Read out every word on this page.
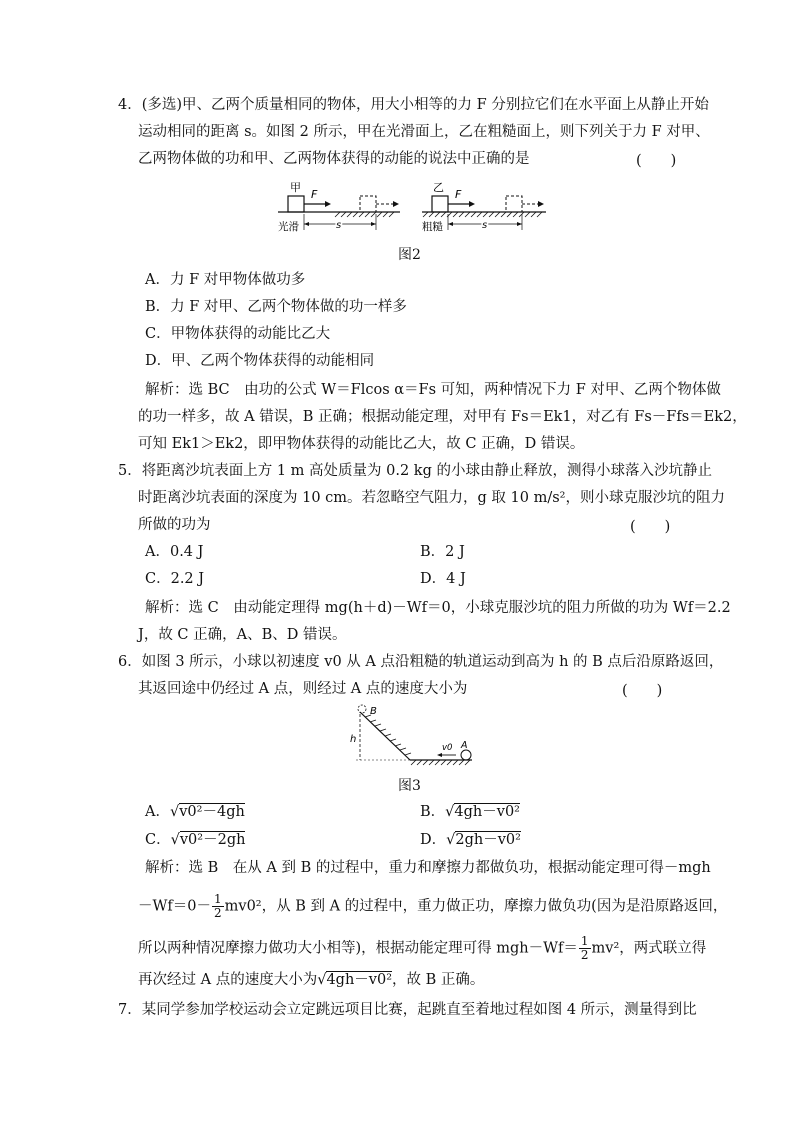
4．(多选)甲、乙两个质量相同的物体，用大小相等的力 F 分别拉它们在水平面上从静止开始
运动相同的距离 s。如图 2 所示，甲在光滑面上，乙在粗糙面上，则下列关于力 F 对甲、
乙两物体做的功和甲、乙两物体获得的动能的说法中正确的是	(　　)
甲
F
光滑	s
乙
F
粗糙	s
图2
A．力 F 对甲物体做功多
B．力 F 对甲、乙两个物体做的功一样多
C．甲物体获得的动能比乙大
D．甲、乙两个物体获得的动能相同
解析：选 BC　由功的公式 W＝Flcos α＝Fs 可知，两种情况下力 F 对甲、乙两个物体做
的功一样多，故 A 错误，B 正确；根据动能定理，对甲有 Fs＝Ek1，对乙有 Fs－Ffs＝Ek2，
可知 Ek1＞Ek2，即甲物体获得的动能比乙大，故 C 正确，D 错误。
5．将距离沙坑表面上方 1 m 高处质量为 0.2 kg 的小球由静止释放，测得小球落入沙坑静止
时距离沙坑表面的深度为 10 cm。若忽略空气阻力，g 取 10 m/s²，则小球克服沙坑的阻力
所做的功为	(　　)
A．0.4 J	B．2 J
C．2.2 J	D．4 J
解析：选 C　由动能定理得 mg(h＋d)－Wf＝0，小球克服沙坑的阻力所做的功为 Wf＝2.2
J，故 C 正确，A、B、D 错误。
6．如图 3 所示，小球以初速度 v0 从 A 点沿粗糙的轨道运动到高为 h 的 B 点后沿原路返回，
其返回途中仍经过 A 点，则经过 A 点的速度大小为	(　　)
h
B
A
v0
图3
A．√v0²－4gh	B．√4gh－v0²
C．√v0²－2gh	D．√2gh－v0²
解析：选 B　在从 A 到 B 的过程中，重力和摩擦力都做负功，根据动能定理可得－mgh
$-Wf=0- \frac{1}{2} mv0^2$，从 B 到 A 的过程中，重力做正功，摩擦力做负功(因为是沿原路返回，
所以两种情况摩擦力做功大小相等)，根据动能定理可得 $mgh-Wf= \frac{1}{2} mv^2$，两式联立得
再次经过 A 点的速度大小为√4gh－v0²，故 B 正确。
7．某同学参加学校运动会立定跳远项目比赛，起跳直至着地过程如图 4 所示，测量得到比
